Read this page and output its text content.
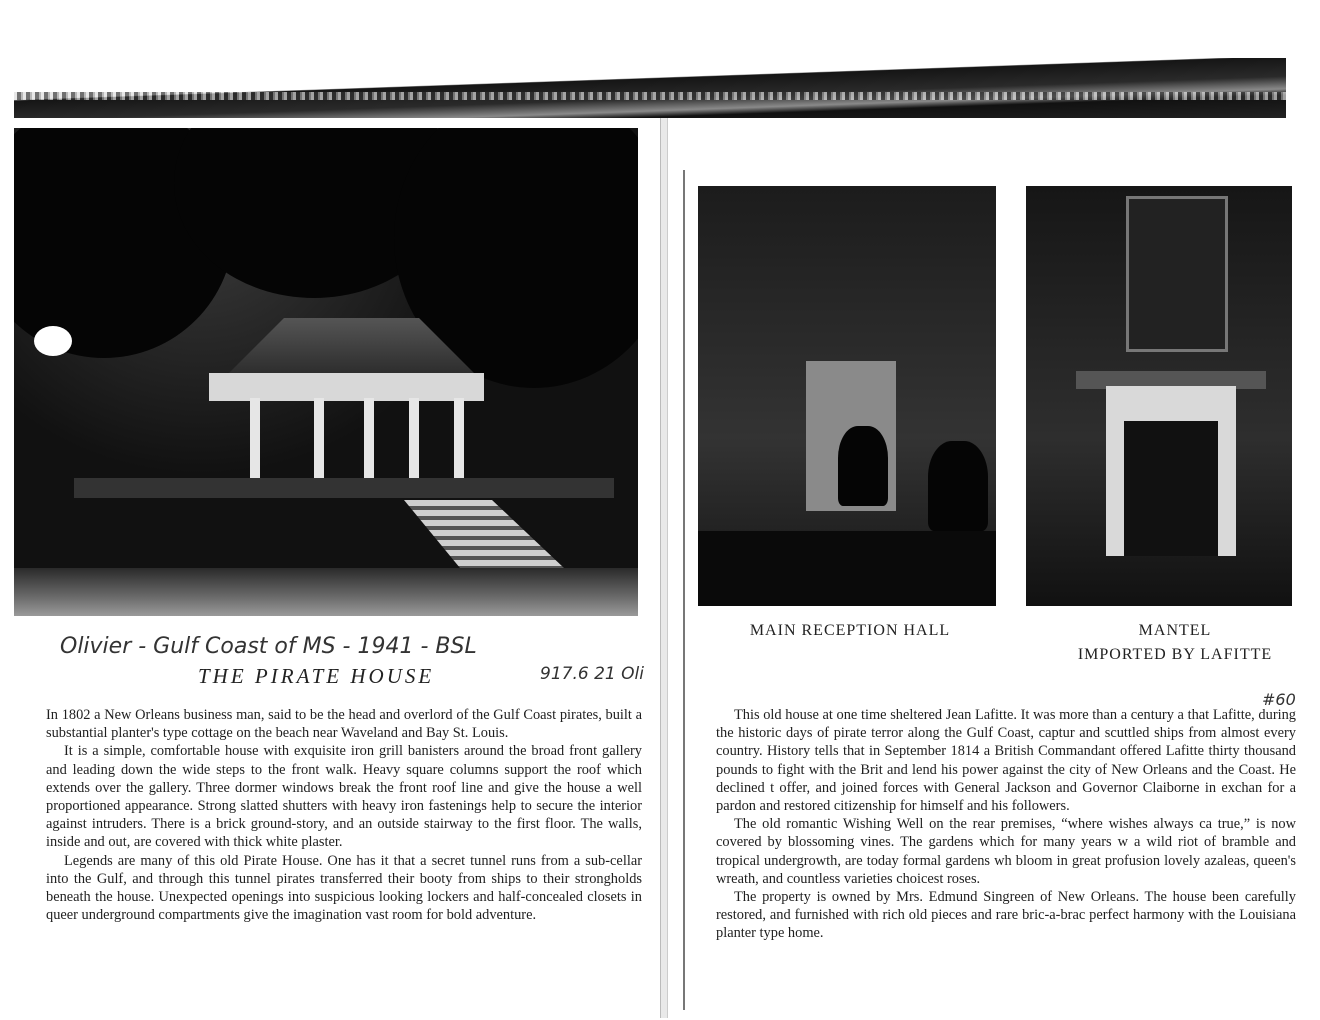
MAIN RECEPTION HALL	MANTEL
IMPORTED BY LAFITTE
Olivier - Gulf Coast of MS - 1941 - BSL
917.6 21 Oli
#60
THE PIRATE HOUSE

In 1802 a New Orleans business man, said to be the head and overlord of the Gulf Coast pirates, built a substantial planter's type cottage on the beach near Waveland and Bay St. Louis.

It is a simple, comfortable house with exquisite iron grill banisters around the broad front gallery and leading down the wide steps to the front walk. Heavy square columns support the roof which extends over the gallery. Three dormer windows break the front roof line and give the house a well proportioned appearance. Strong slatted shutters with heavy iron fastenings help to secure the interior against intruders. There is a brick ground-story, and an outside stairway to the first floor. The walls, inside and out, are covered with thick white plaster.

Legends are many of this old Pirate House. One has it that a secret tunnel runs from a sub-cellar into the Gulf, and through this tunnel pirates transferred their booty from ships to their strongholds beneath the house. Unexpected openings into suspicious looking lockers and half-concealed closets in queer underground compartments give the imagination vast room for bold adventure.

This old house at one time sheltered Jean Lafitte. It was more than a century a that Lafitte, during the historic days of pirate terror along the Gulf Coast, captur and scuttled ships from almost every country. History tells that in September 1814 a British Commandant offered Lafitte thirty thousand pounds to fight with the Brit and lend his power against the city of New Orleans and the Coast. He declined t offer, and joined forces with General Jackson and Governor Claiborne in exchan for a pardon and restored citizenship for himself and his followers.

The old romantic Wishing Well on the rear premises, “where wishes always ca true,” is now covered by blossoming vines. The gardens which for many years w a wild riot of bramble and tropical undergrowth, are today formal gardens wh bloom in great profusion lovely azaleas, queen's wreath, and countless varieties choicest roses.

The property is owned by Mrs. Edmund Singreen of New Orleans. The house been carefully restored, and furnished with rich old pieces and rare bric-a-brac perfect harmony with the Louisiana planter type home.
